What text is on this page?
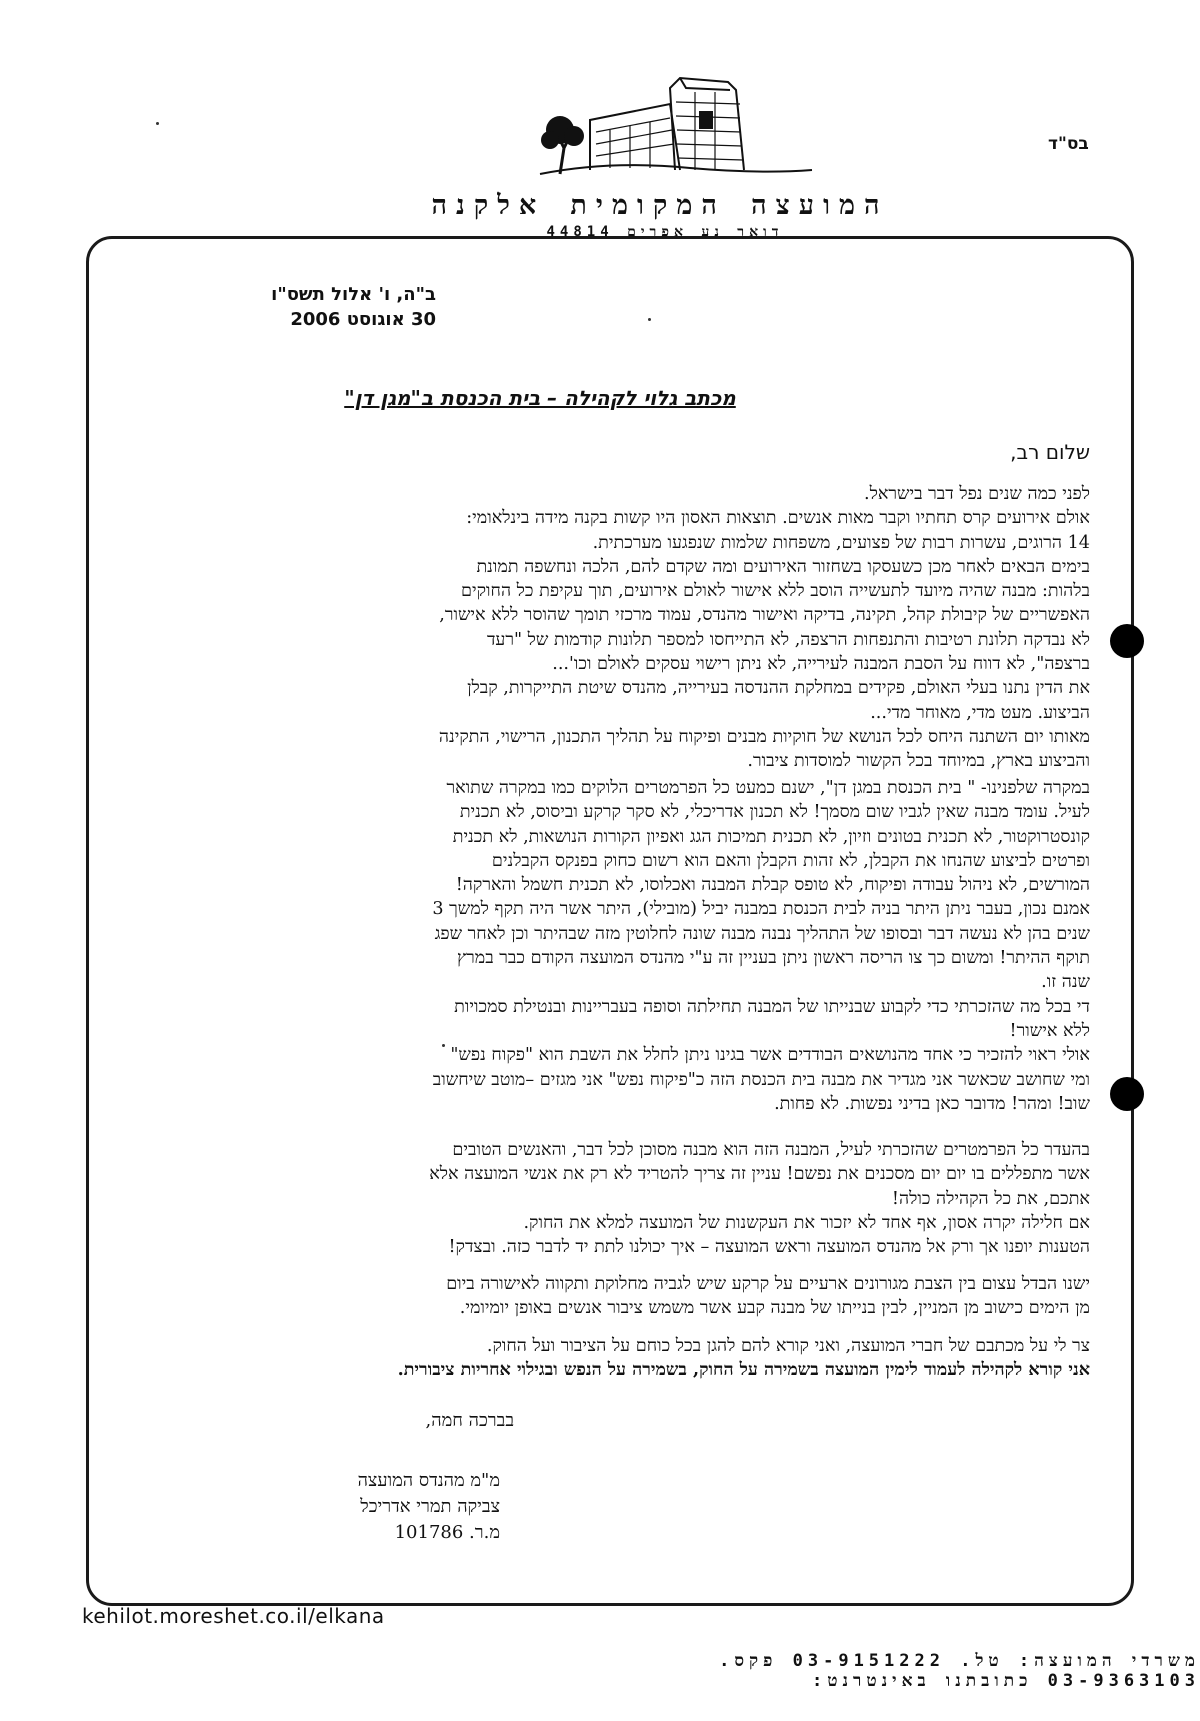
בס"ד
המועצה המקומית אלקנה
דואר נע אפרים 44814
ב"ה, ו' אלול תשס"ו
30 אוגוסט 2006
מכתב גלוי לקהילה – בית הכנסת ב"מגן דן"
שלום רב,
לפני כמה שנים נפל דבר בישראל.
אולם אירועים קרס תחתיו וקבר מאות אנשים. תוצאות האסון היו קשות בקנה מידה בינלאומי:
14 הרוגים, עשרות רבות של פצועים, משפחות שלמות שנפגעו מערכתית.
בימים הבאים לאחר מכן כשעסקו בשחזור האירועים ומה שקדם להם, הלכה ונחשפה תמונת
בלהות: מבנה שהיה מיועד לתעשייה הוסב ללא אישור לאולם אירועים, תוך עקיפת כל החוקים
האפשריים של קיבולת קהל, תקינה, בדיקה ואישור מהנדס, עמוד מרכזי תומך שהוסר ללא אישור,
לא נבדקה תלונת רטיבות והתנפחות הרצפה, לא התייחסו למספר תלונות קודמות של "רעד
ברצפה", לא דווח על הסבת המבנה לעירייה, לא ניתן רישוי עסקים לאולם וכו'...
את הדין נתנו בעלי האולם, פקידים במחלקת ההנדסה בעירייה, מהנדס שיטת התייקרות, קבלן
הביצוע. מעט מדי, מאוחר מדי...
מאותו יום השתנה היחס לכל הנושא של חוקיות מבנים ופיקוח על תהליך התכנון, הרישוי, התקינה
והביצוע בארץ, במיוחד בכל הקשור למוסדות ציבור.
במקרה שלפנינו- " בית הכנסת במגן דן", ישנם כמעט כל הפרמטרים הלוקים כמו במקרה שתואר
לעיל. עומד מבנה שאין לגביו שום מסמך! לא תכנון אדריכלי, לא סקר קרקע וביסוס, לא תכנית
קונסטרוקטור, לא תכנית בטונים וזיון, לא תכנית תמיכות הגג ואפיון הקורות הנושאות, לא תכנית
ופרטים לביצוע שהנחו את הקבלן, לא זהות הקבלן והאם הוא רשום כחוק בפנקס הקבלנים
המורשים, לא ניהול עבודה ופיקוח, לא טופס קבלת המבנה ואכלוסו, לא תכנית חשמל והארקה!
אמנם נכון, בעבר ניתן היתר בניה לבית הכנסת במבנה יביל (מובילי), היתר אשר היה תקף למשך 3
שנים בהן לא נעשה דבר ובסופו של התהליך נבנה מבנה שונה לחלוטין מזה שבהיתר וכן לאחר שפג
תוקף ההיתר! ומשום כך צו הריסה ראשון ניתן בעניין זה ע"י מהנדס המועצה הקודם כבר במרץ
שנה זו.
די בכל מה שהזכרתי כדי לקבוע שבנייתו של המבנה תחילתה וסופה בעבריינות ובנטילת סמכויות
ללא אישור!
אולי ראוי להזכיר כי אחד מהנושאים הבודדים אשר בגינו ניתן לחלל את השבת הוא "פקוח נפש"
ומי שחושב שכאשר אני מגדיר את מבנה בית הכנסת הזה כ"פיקוח נפש" אני מגזים –מוטב שיחשוב
שוב! ומהר! מדובר כאן בדיני נפשות. לא פחות.
בהעדר כל הפרמטרים שהזכרתי לעיל, המבנה הזה הוא מבנה מסוכן לכל דבר, והאנשים הטובים
אשר מתפללים בו יום יום מסכנים את נפשם! עניין זה צריך להטריד לא רק את אנשי המועצה אלא
אתכם, את כל הקהילה כולה!
אם חלילה יקרה אסון, אף אחד לא יזכור את העקשנות של המועצה למלא את החוק.
הטענות יופנו אך ורק אל מהנדס המועצה וראש המועצה – איך יכולנו לתת יד לדבר כזה. ובצדק!
ישנו הבדל עצום בין הצבת מגורונים ארעיים על קרקע שיש לגביה מחלוקת ותקווה לאישורה ביום
מן הימים כישוב מן המניין, לבין בנייתו של מבנה קבע אשר משמש ציבור אנשים באופן יומיומי.
צר לי על מכתבם של חברי המועצה, ואני קורא להם להגן בכל כוחם על הציבור ועל החוק.
אני קורא לקהילה לעמוד לימין המועצה בשמירה על החוק, בשמירה על הנפש ובגילוי אחריות ציבורית.
בברכה חמה,
מ"מ מהנדס המועצה
צביקה תמרי אדריכל
מ.ר. 101786
kehilot.moreshet.co.il/elkana
משרדי המועצה: טל. 03-9151222 פקס. 03-9363103 כתובתנו באינטרנט:
